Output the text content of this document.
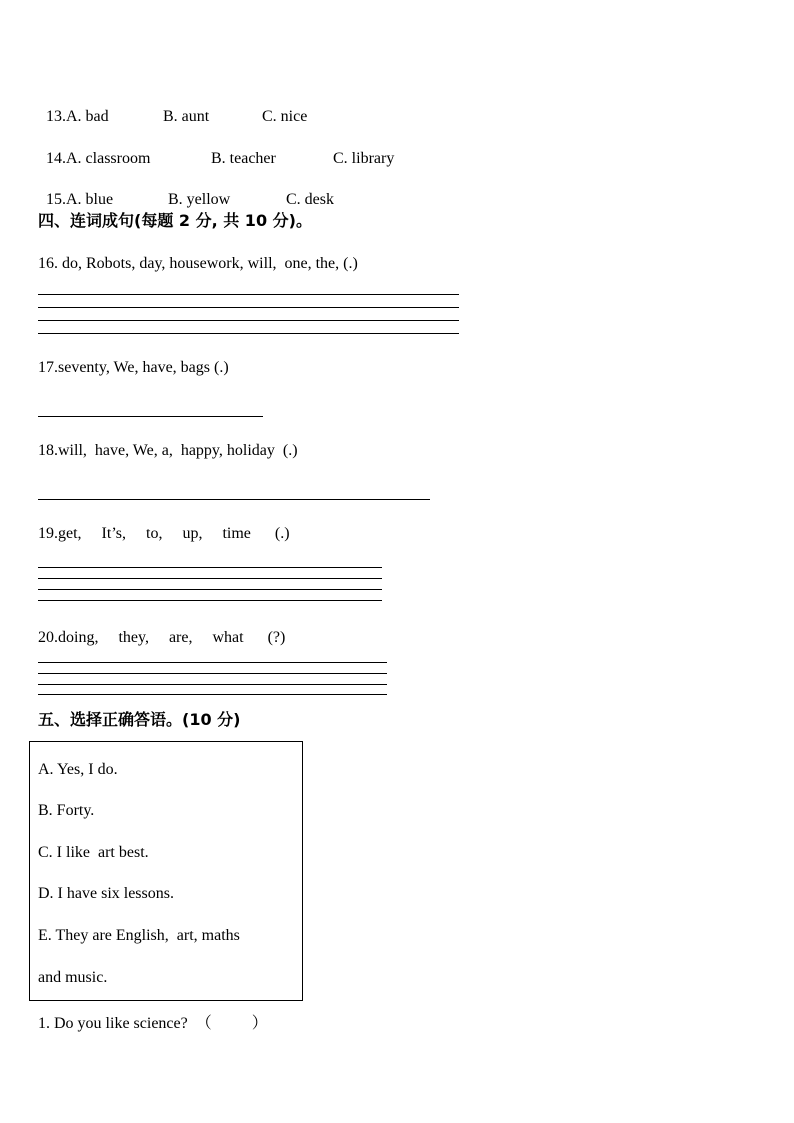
13.A. bad	B. aunt	C. nice

14.A. classroom	B. teacher	C. library

15.A. blue	B. yellow	C. desk

四、连词成句(每题 2 分, 共 10 分)。
16. do, Robots, day, housework, will,  one, the, (.)
17.seventy, We, have, bags (.)
18.will,  have, We, a,  happy, holiday  (.)
19.get,     It’s,     to,     up,     time      (.)
20.doing,     they,     are,     what      (?)
五、选择正确答语。(10 分)
A. Yes, I do.
B. Forty.
C. I like  art best.
D. I have six lessons.
E. They are English,  art, maths
and music.
1. Do you like science?  （          ）
